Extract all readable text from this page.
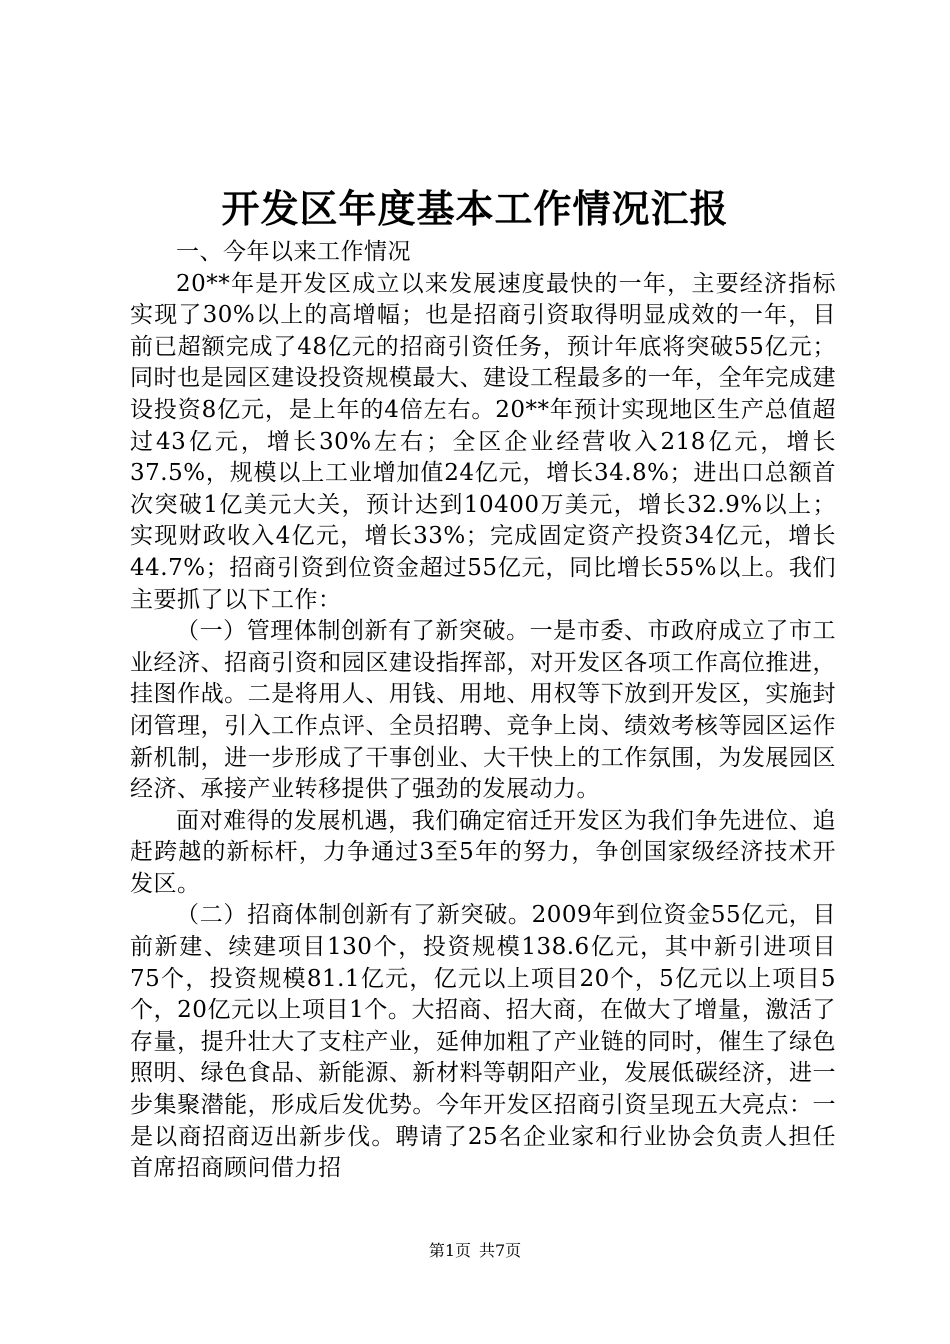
开发区年度基本工作情况汇报

一、今年以来工作情况

20**年是开发区成立以来发展速度最快的一年，主要经济指标实现了30%以上的高增幅；也是招商引资取得明显成效的一年，目前已超额完成了48亿元的招商引资任务，预计年底将突破55亿元；同时也是园区建设投资规模最大、建设工程最多的一年，全年完成建设投资8亿元，是上年的4倍左右。20**年预计实现地区生产总值超过43亿元，增长30%左右；全区企业经营收入218亿元，增长37.5%，规模以上工业增加值24亿元，增长34.8%；进出口总额首次突破1亿美元大关，预计达到10400万美元，增长32.9%以上；实现财政收入4亿元，增长33%；完成固定资产投资34亿元，增长44.7%；招商引资到位资金超过55亿元，同比增长55%以上。我们主要抓了以下工作：

（一）管理体制创新有了新突破。一是市委、市政府成立了市工业经济、招商引资和园区建设指挥部，对开发区各项工作高位推进，挂图作战。二是将用人、用钱、用地、用权等下放到开发区，实施封闭管理，引入工作点评、全员招聘、竞争上岗、绩效考核等园区运作新机制，进一步形成了干事创业、大干快上的工作氛围，为发展园区经济、承接产业转移提供了强劲的发展动力。

面对难得的发展机遇，我们确定宿迁开发区为我们争先进位、追赶跨越的新标杆，力争通过3至5年的努力，争创国家级经济技术开发区。

（二）招商体制创新有了新突破。2009年到位资金55亿元，目前新建、续建项目130个，投资规模138.6亿元，其中新引进项目75个，投资规模81.1亿元，亿元以上项目20个，5亿元以上项目5个，20亿元以上项目1个。大招商、招大商，在做大了增量，激活了存量，提升壮大了支柱产业，延伸加粗了产业链的同时，催生了绿色照明、绿色食品、新能源、新材料等朝阳产业，发展低碳经济，进一步集聚潜能，形成后发优势。今年开发区招商引资呈现五大亮点：一是以商招商迈出新步伐。聘请了25名企业家和行业协会负责人担任首席招商顾问借力招

第1页 共7页
